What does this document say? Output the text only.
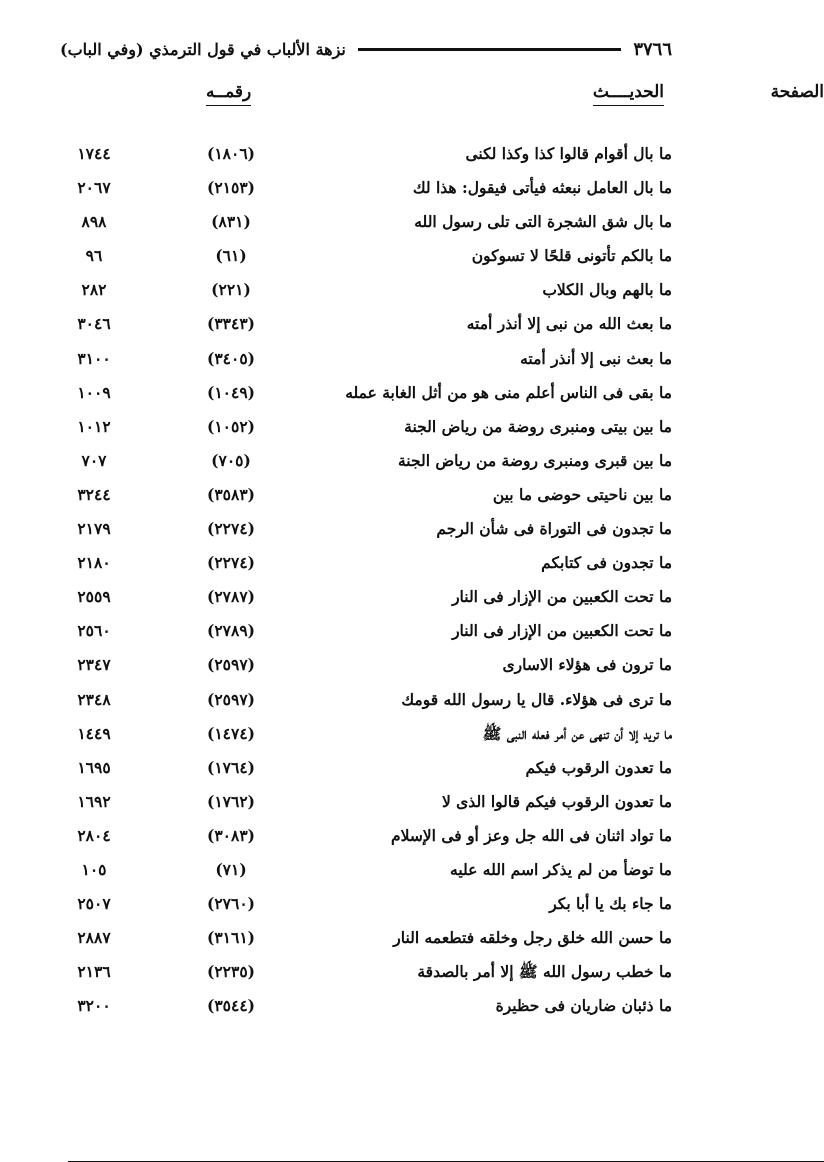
٣٧٦٦
نزهة الألباب في قول الترمذي (وفي الباب)
الحديــــث
رقمــه	الصفحة
ما بال أقوام قالوا كذا وكذا لكنى
(١٨٠٦)
١٧٤٤
ما بال العامل نبعثه فيأتى فيقول: هذا لك
(٢١٥٣)
٢٠٦٧
ما بال شق الشجرة التى تلى رسول الله
(٨٣١)
٨٩٨
ما بالكم تأتونى قلحًا لا تسوكون
(٦١)
٩٦
ما بالهم وبال الكلاب
(٢٢١)
٢٨٢
ما بعث الله من نبى إلا أنذر أمته
(٣٣٤٣)
٣٠٤٦
ما بعث نبى إلا أنذر أمته
(٣٤٠٥)
٣١٠٠
ما بقى فى الناس أعلم منى هو من أثل الغابة عمله
(١٠٤٩)
١٠٠٩
ما بين بيتى ومنبرى روضة من رياض الجنة
(١٠٥٢)
١٠١٢
ما بين قبرى ومنبرى روضة من رياض الجنة
(٧٠٥)
٧٠٧
ما بين ناحيتى حوضى ما بين
(٣٥٨٣)
٣٢٤٤
ما تجدون فى التوراة فى شأن الرجم
(٢٢٧٤)
٢١٧٩
ما تجدون فى كتابكم
(٢٢٧٤)
٢١٨٠
ما تحت الكعبين من الإزار فى النار
(٢٧٨٧)
٢٥٥٩
ما تحت الكعبين من الإزار فى النار
(٢٧٨٩)
٢٥٦٠
ما ترون فى هؤلاء الاسارى
(٢٥٩٧)
٢٣٤٧
ما ترى فى هؤلاء. قال يا رسول الله قومك
(٢٥٩٧)
٢٣٤٨
ما تريد إلا أن تنهى عن أمر فعله النبى ﷺ
(١٤٧٤)
١٤٤٩
ما تعدون الرقوب فيكم
(١٧٦٤)
١٦٩٥
ما تعدون الرقوب فيكم قالوا الذى لا
(١٧٦٢)
١٦٩٢
ما تواد اثنان فى الله جل وعز أو فى الإسلام
(٣٠٨٣)
٢٨٠٤
ما توضأ من لم يذكر اسم الله عليه
(٧١)
١٠٥
ما جاء بك يا أبا بكر
(٢٧٦٠)
٢٥٠٧
ما حسن الله خلق رجل وخلقه فتطعمه النار
(٣١٦١)
٢٨٨٧
ما خطب رسول الله ﷺ إلا أمر بالصدقة
(٢٢٣٥)
٢١٣٦
ما ذئبان ضاريان فى حظيرة
(٣٥٤٤)
٣٢٠٠
